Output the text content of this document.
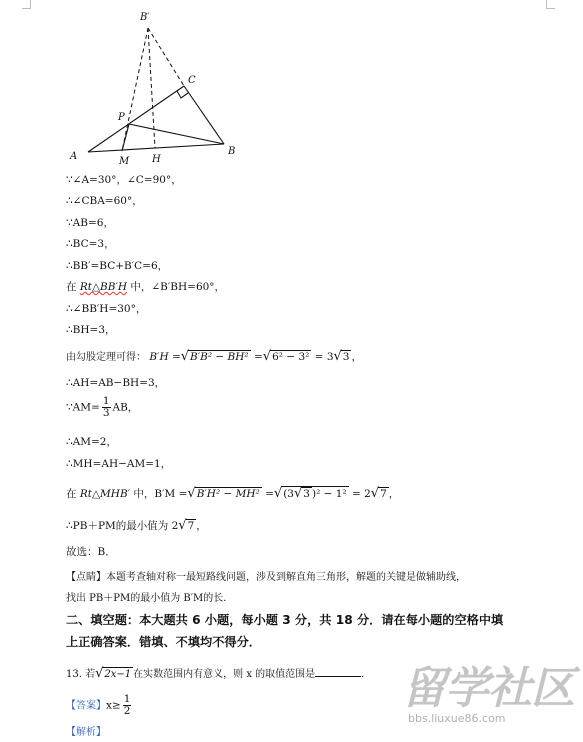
B′
C
P
A	B
M H
∵∠A=30°，∠C=90°，
∴∠CBA=60°，
∵AB=6，
∴BC=3，
∴BB′=BC+B′C=6，
在 Rt△BB′H 中，∠B′BH=60°，
∴∠BB′H=30°，
∴BH=3，
由勾股定理可得： B′H =√B′B² − BH² =√6² − 3² = 3√3 ，
∴AH=AB−BH=3，
∵AM= $\frac{1}{3}$ AB，
∴AM=2，
∴MH=AH−AM=1，
在 Rt△MHB′ 中，B′M =√B′H² − MH² =√(3√3 )² − 1² = 2√7 ，
∴PB＋PM的最小值为 2√7 ，
故选：B．
【点睛】本题考查轴对称一最短路线问题，涉及到解直角三角形，解题的关键是做辅助线，
找出 PB＋PM的最小值为 B′M的长．
二、填空题：本大题共 6 小题，每小题 3 分，共 18 分．请在每小题的空格中填
上正确答案．错填、不填均不得分．
13. 若√2x−1 在实数范围内有意义，则 x 的取值范围是	．
【答案】$x\ge \frac{1}{2}$
【解析】
留学社区
bbs.liuxue86.com
